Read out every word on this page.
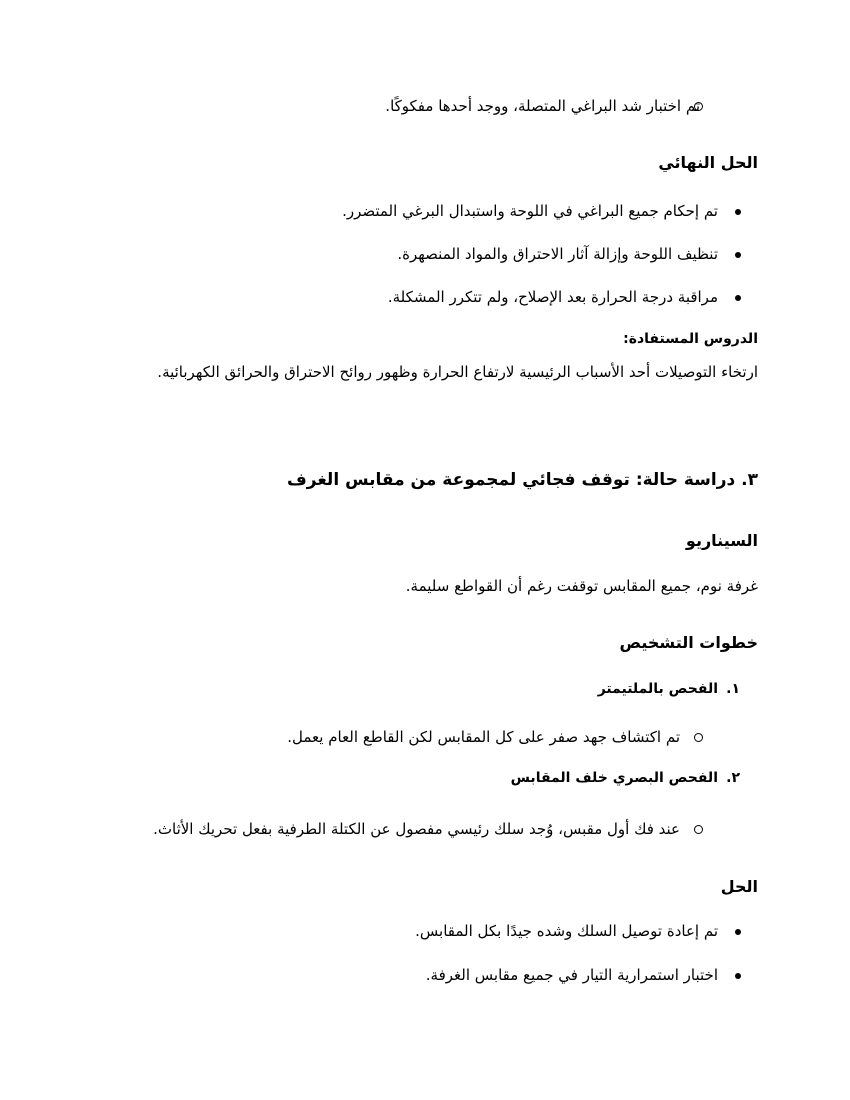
تم اختبار شد البراغي المتصلة، ووجد أحدها مفكوكًا.
الحل النهائي
تم إحكام جميع البراغي في اللوحة واستبدال البرغي المتضرر.
تنظيف اللوحة وإزالة آثار الاحتراق والمواد المنصهرة.
مراقبة درجة الحرارة بعد الإصلاح، ولم تتكرر المشكلة.
الدروس المستفادة:
ارتخاء التوصيلات أحد الأسباب الرئيسية لارتفاع الحرارة وظهور روائح الاحتراق والحرائق الكهربائية.
٣. دراسة حالة: توقف فجائي لمجموعة من مقابس الغرف
السيناريو
غرفة نوم، جميع المقابس توقفت رغم أن القواطع سليمة.
خطوات التشخيص
١.
الفحص بالملتيمتر
تم اكتشاف جهد صفر على كل المقابس لكن القاطع العام يعمل.
٢.
الفحص البصري خلف المقابس
عند فك أول مقبس، وُجد سلك رئيسي مفصول عن الكتلة الطرفية بفعل تحريك الأثاث.
الحل
تم إعادة توصيل السلك وشده جيدًا بكل المقابس.
اختبار استمرارية التيار في جميع مقابس الغرفة.
